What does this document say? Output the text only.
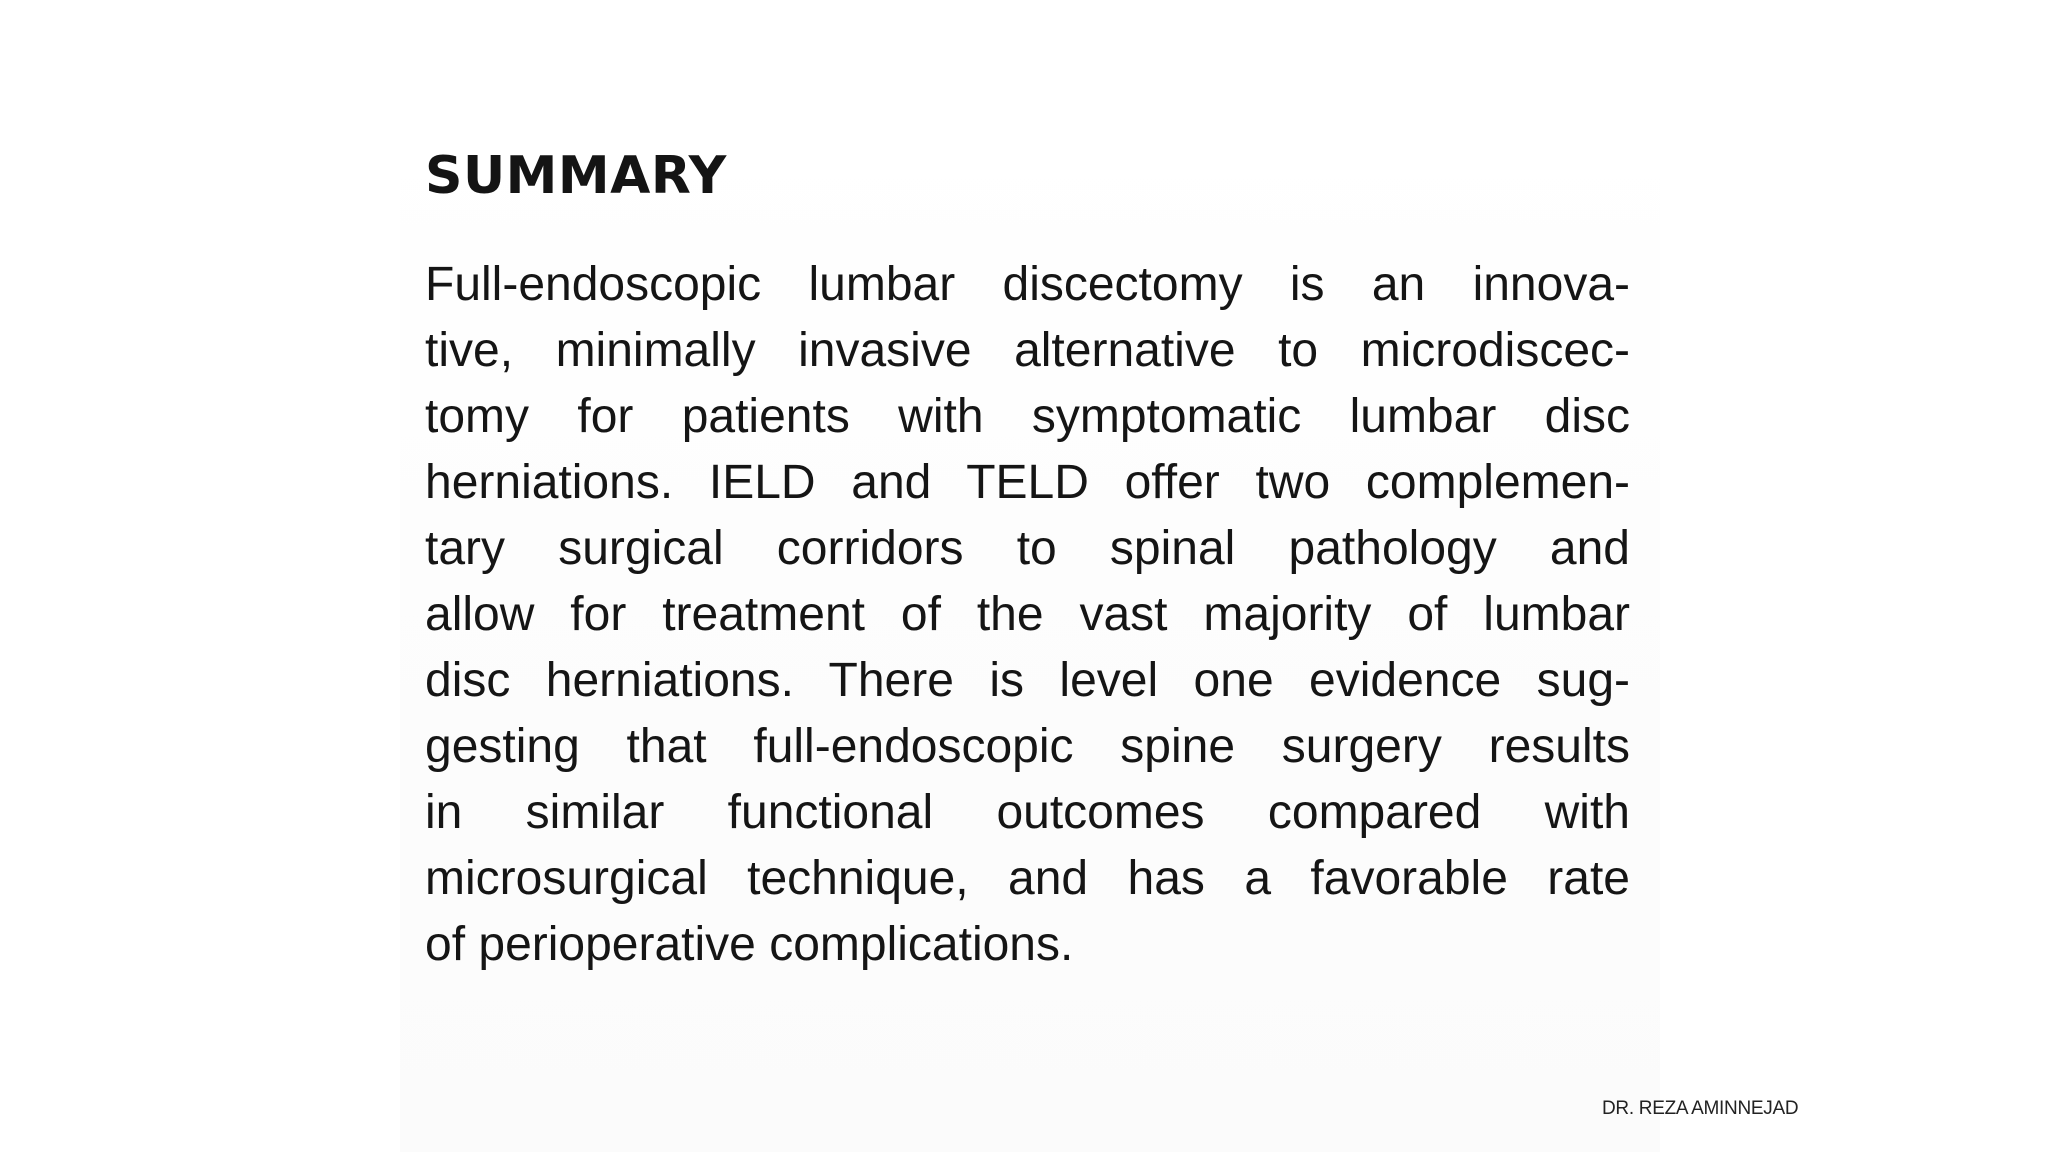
SUMMARY
Full-endoscopic lumbar discectomy is an innova-
tive, minimally invasive alternative to microdiscec-
tomy for patients with symptomatic lumbar disc
herniations. IELD and TELD offer two complemen-
tary surgical corridors to spinal pathology and
allow for treatment of the vast majority of lumbar
disc herniations. There is level one evidence sug-
gesting that full-endoscopic spine surgery results
in similar functional outcomes compared with
microsurgical technique, and has a favorable rate
of perioperative complications.
DR. REZA AMINNEJAD
